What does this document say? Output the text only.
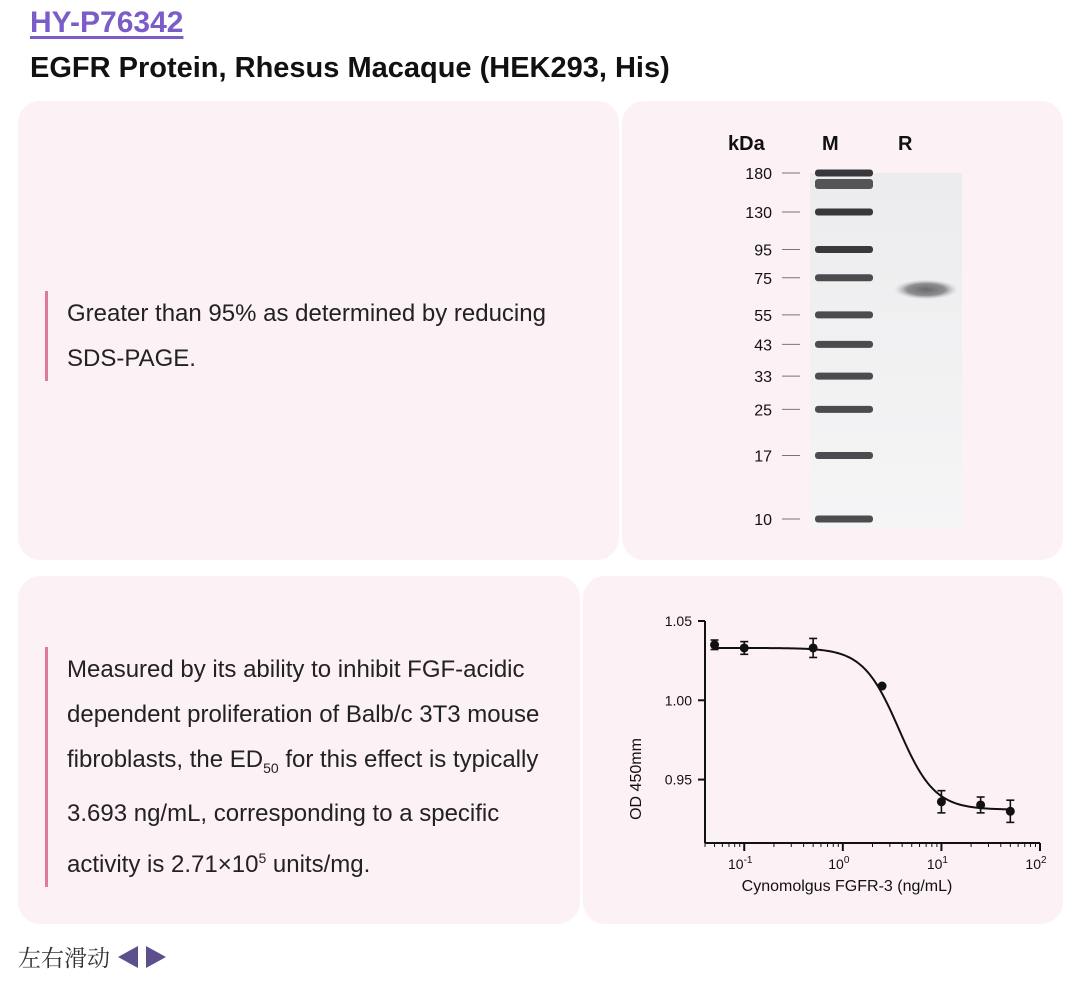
HY-P76342
EGFR Protein, Rhesus Macaque (HEK293, His)
Greater than 95% as determined by reducing SDS-PAGE.
kDa	M	R
180
130
95
75
55
43
33
25
17
10
Measured by its ability to inhibit FGF-acidic
dependent proliferation of Balb/c 3T3 mouse
fibroblasts, the $ED_{50}$ for this effect is typically
3.693 ng/mL, corresponding to a specific
activity is $2.71\times 10^5$ units/mg.
1.05
1.00
0.95
$10^{-1}$	$10^0$	$10^1$	$10^2$
Cynomolgus FGFR-3 (ng/mL)
OD 450mm
左右滑动
